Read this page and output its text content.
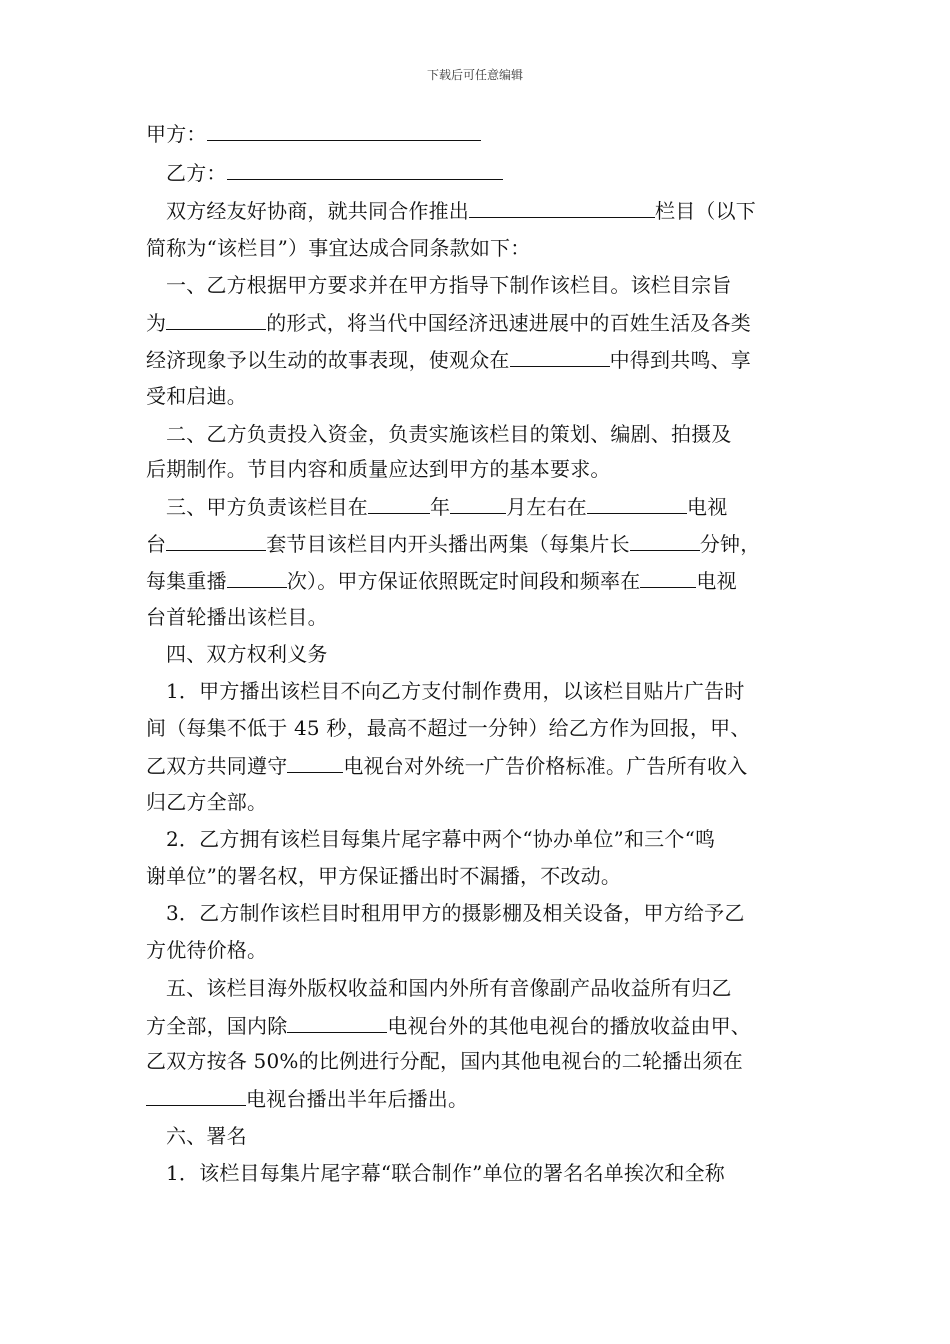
下载后可任意编辑
甲方：
乙方：
双方经友好协商，就共同合作推出	栏目（以下
简称为“该栏目”）事宜达成合同条款如下：
一、乙方根据甲方要求并在甲方指导下制作该栏目。该栏目宗旨
为	的形式，将当代中国经济迅速进展中的百姓生活及各类
经济现象予以生动的故事表现，使观众在	中得到共鸣、享
受和启迪。
二、乙方负责投入资金，负责实施该栏目的策划、编剧、拍摄及
后期制作。节目内容和质量应达到甲方的基本要求。
三、甲方负责该栏目在	年	月左右在	电视
台	套节目该栏目内开头播出两集（每集片长	分钟，
每集重播	次）。甲方保证依照既定时间段和频率在	电视
台首轮播出该栏目。
四、双方权利义务
1．甲方播出该栏目不向乙方支付制作费用，以该栏目贴片广告时
间（每集不低于 45 秒，最高不超过一分钟）给乙方作为回报，甲、
乙双方共同遵守	电视台对外统一广告价格标准。广告所有收入
归乙方全部。
2．乙方拥有该栏目每集片尾字幕中两个“协办单位”和三个“鸣
谢单位”的署名权，甲方保证播出时不漏播，不改动。
3．乙方制作该栏目时租用甲方的摄影棚及相关设备，甲方给予乙
方优待价格。
五、该栏目海外版权收益和国内外所有音像副产品收益所有归乙
方全部，国内除	电视台外的其他电视台的播放收益由甲、
乙双方按各 50%的比例进行分配，国内其他电视台的二轮播出须在
电视台播出半年后播出。
六、署名
1．该栏目每集片尾字幕“联合制作”单位的署名名单挨次和全称
